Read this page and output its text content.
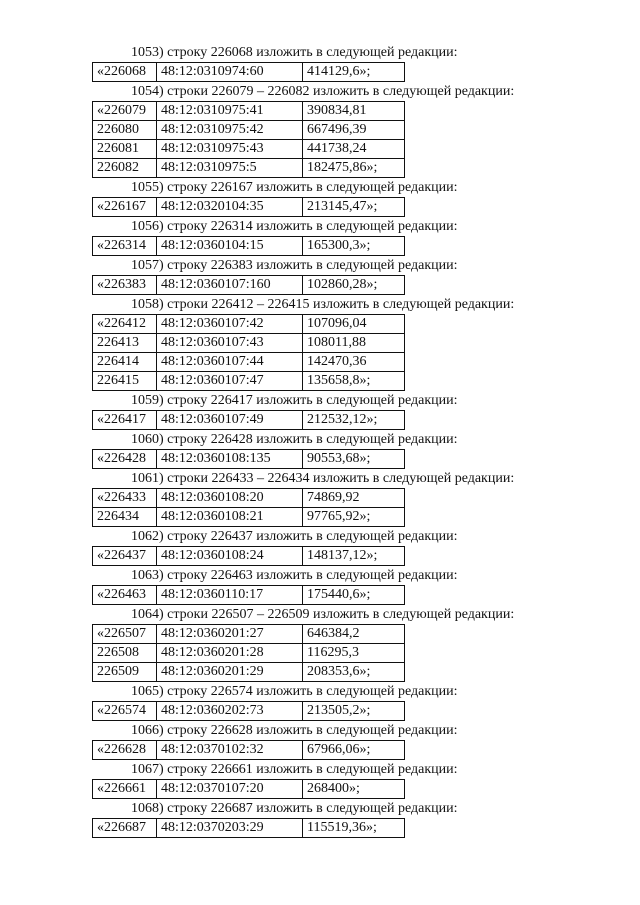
1053) строку 226068 изложить в следующей редакции:
«226068	48:12:0310974:60	414129,6»;
1054) строки 226079 – 226082 изложить в следующей редакции:
«226079	48:12:0310975:41	390834,81
226080	48:12:0310975:42	667496,39
226081	48:12:0310975:43	441738,24
226082	48:12:0310975:5	182475,86»;
1055) строку 226167 изложить в следующей редакции:
«226167	48:12:0320104:35	213145,47»;
1056) строку 226314 изложить в следующей редакции:
«226314	48:12:0360104:15	165300,3»;
1057) строку 226383 изложить в следующей редакции:
«226383	48:12:0360107:160	102860,28»;
1058) строки 226412 – 226415 изложить в следующей редакции:
«226412	48:12:0360107:42	107096,04
226413	48:12:0360107:43	108011,88
226414	48:12:0360107:44	142470,36
226415	48:12:0360107:47	135658,8»;
1059) строку 226417 изложить в следующей редакции:
«226417	48:12:0360107:49	212532,12»;
1060) строку 226428 изложить в следующей редакции:
«226428	48:12:0360108:135	90553,68»;
1061) строки 226433 – 226434 изложить в следующей редакции:
«226433	48:12:0360108:20	74869,92
226434	48:12:0360108:21	97765,92»;
1062) строку 226437 изложить в следующей редакции:
«226437	48:12:0360108:24	148137,12»;
1063) строку 226463 изложить в следующей редакции:
«226463	48:12:0360110:17	175440,6»;
1064) строки 226507 – 226509 изложить в следующей редакции:
«226507	48:12:0360201:27	646384,2
226508	48:12:0360201:28	116295,3
226509	48:12:0360201:29	208353,6»;
1065) строку 226574 изложить в следующей редакции:
«226574	48:12:0360202:73	213505,2»;
1066) строку 226628 изложить в следующей редакции:
«226628	48:12:0370102:32	67966,06»;
1067) строку 226661 изложить в следующей редакции:
«226661	48:12:0370107:20	268400»;
1068) строку 226687 изложить в следующей редакции:
«226687	48:12:0370203:29	115519,36»;
